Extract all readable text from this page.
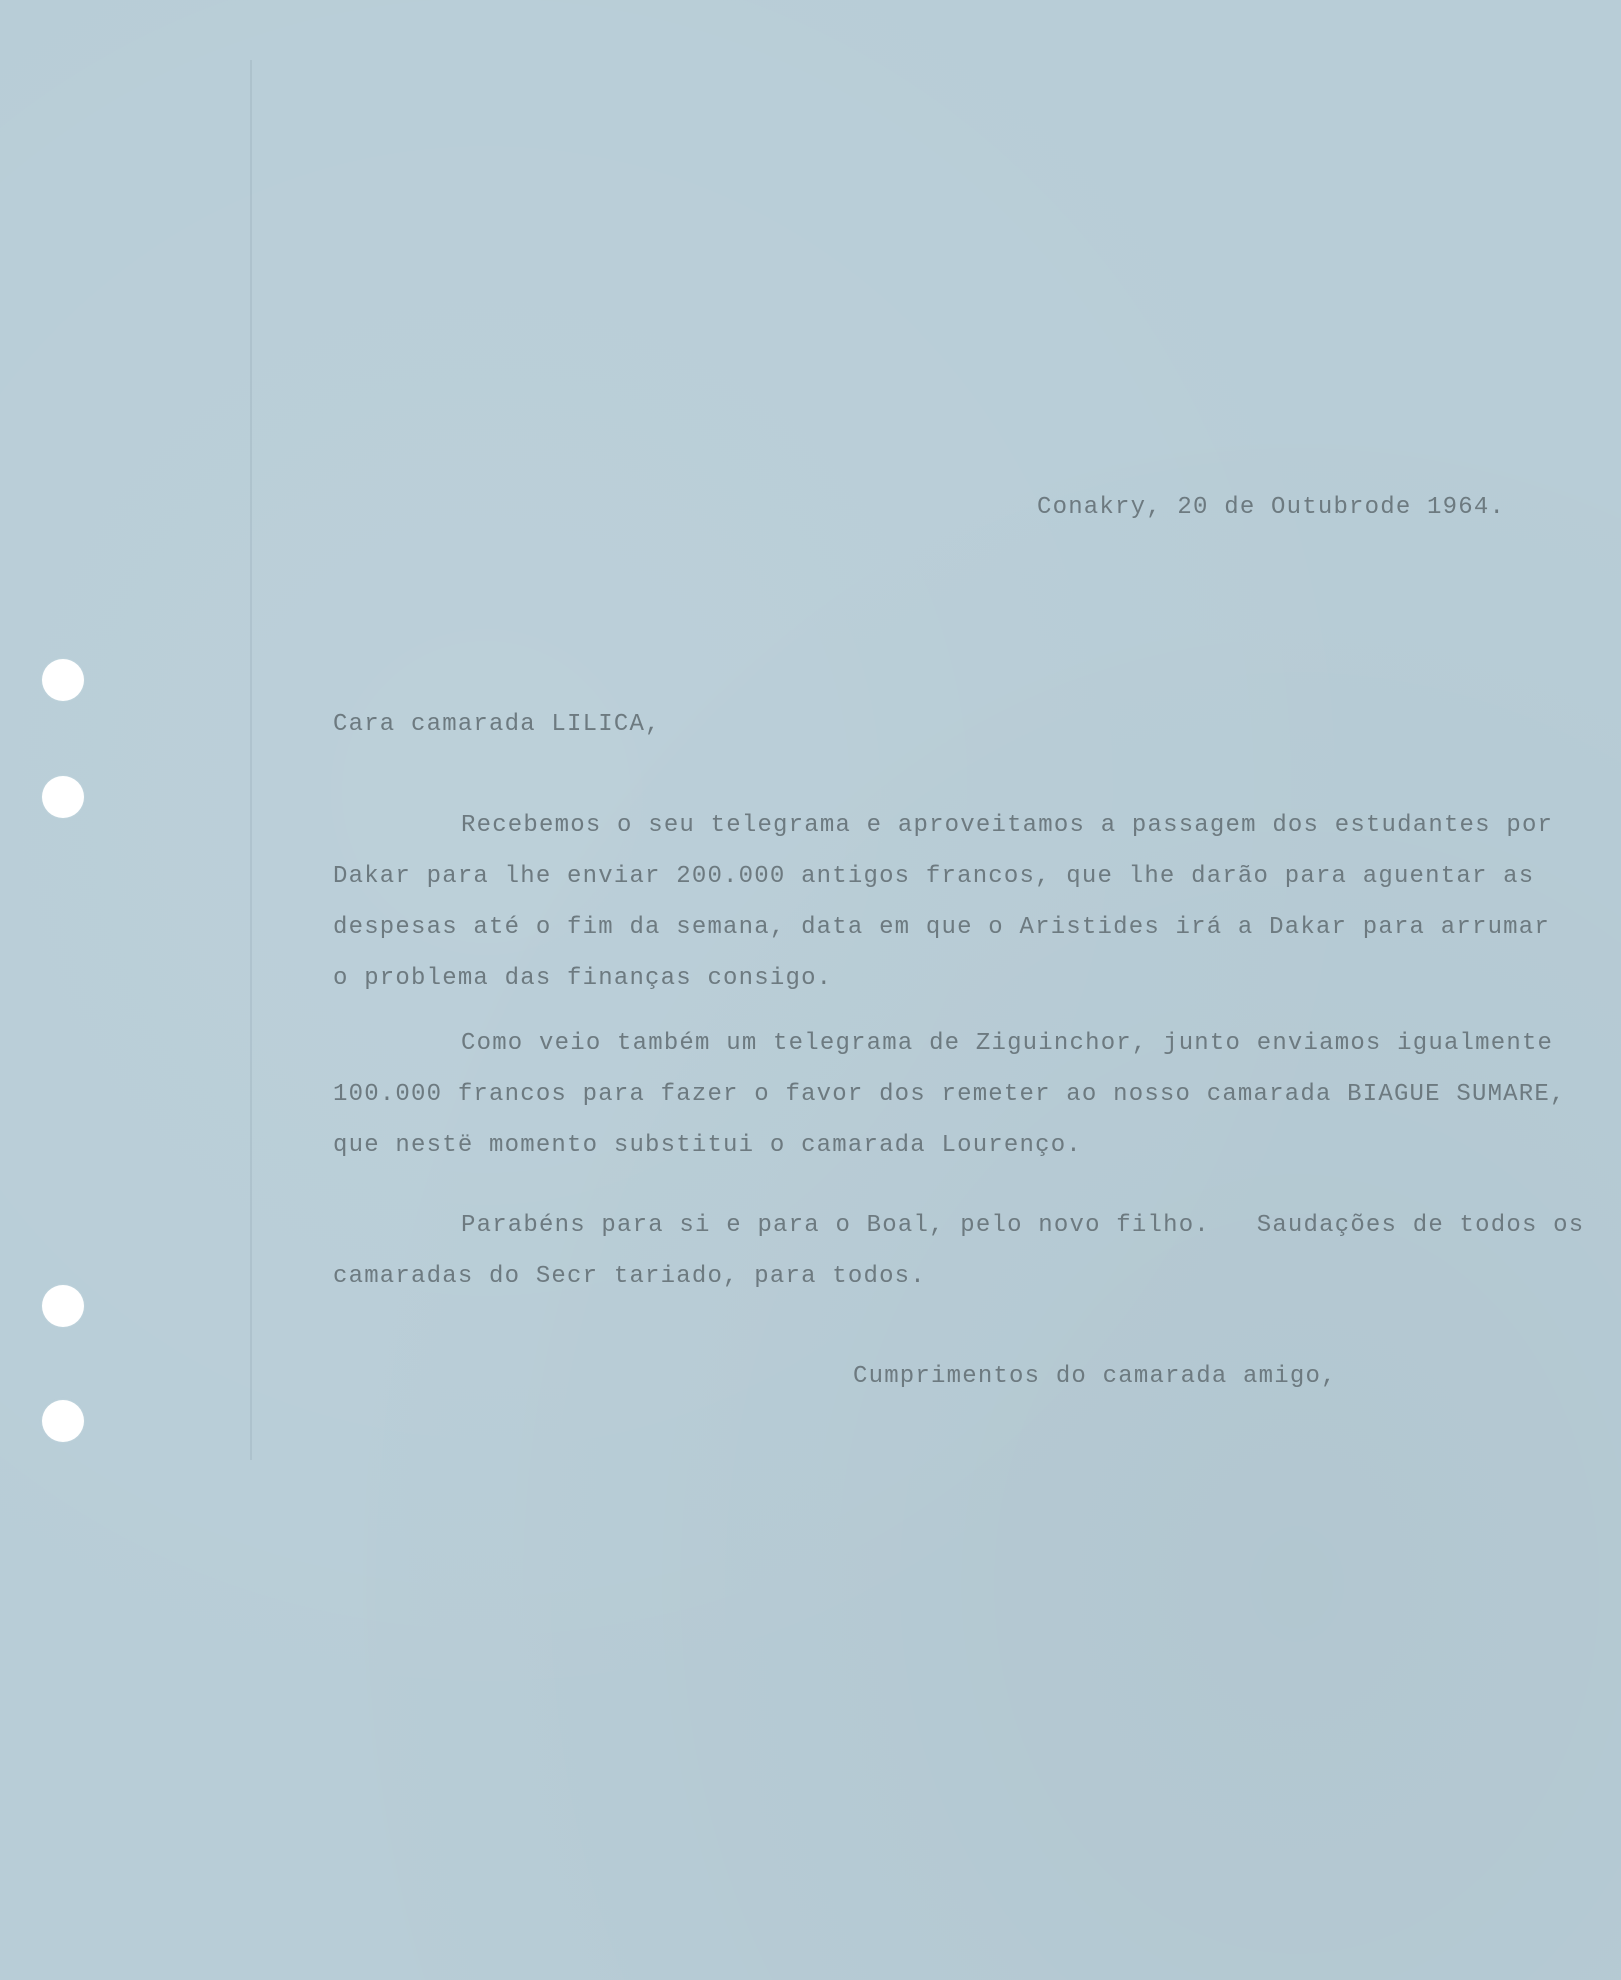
Conakry, 20 de Outubrode 1964.

Cara camarada LILICA,

Recebemos o seu telegrama e aproveitamos a passagem dos estudantes por
Dakar para lhe enviar 200.000 antigos francos, que lhe darão para aguentar as
despesas até o fim da semana, data em que o Aristides irá a Dakar para arrumar
o problema das finanças consigo.
Como veio também um telegrama de Ziguinchor, junto enviamos igualmente
100.000 francos para fazer o favor dos remeter ao nosso camarada BIAGUE SUMARE,
que nestë momento substitui o camarada Lourenço.
Parabéns para si e para o Boal, pelo novo filho.   Saudações de todos os
camaradas do Secr tariado, para todos.

Cumprimentos do camarada amigo,
